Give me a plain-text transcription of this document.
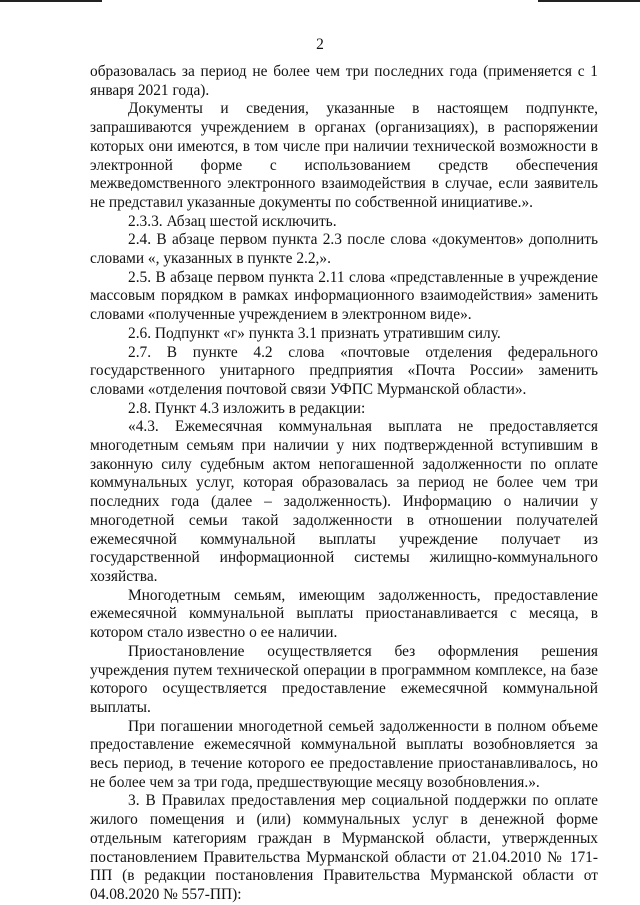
2

образовалась за период не более чем три последних года (применяется с 1 января 2021 года).

Документы и сведения, указанные в настоящем подпункте, запрашиваются учреждением в органах (организациях), в распоряжении которых они имеются, в том числе при наличии технической возможности в электронной форме с использованием средств обеспечения межведомственного электронного взаимодействия в случае, если заявитель не представил указанные документы по собственной инициативе.».

2.3.3. Абзац шестой исключить.

2.4. В абзаце первом пункта 2.3 после слова «документов» дополнить словами «, указанных в пункте 2.2,».

2.5. В абзаце первом пункта 2.11 слова «представленные в учреждение массовым порядком в рамках информационного взаимодействия» заменить словами «полученные учреждением в электронном виде».

2.6. Подпункт «г» пункта 3.1 признать утратившим силу.

2.7. В пункте 4.2 слова «почтовые отделения федерального государственного унитарного предприятия «Почта России» заменить словами «отделения почтовой связи УФПС Мурманской области».

2.8. Пункт 4.3 изложить в редакции:

«4.3. Ежемесячная коммунальная выплата не предоставляется многодетным семьям при наличии у них подтвержденной вступившим в законную силу судебным актом непогашенной задолженности по оплате коммунальных услуг, которая образовалась за период не более чем три последних года (далее – задолженность). Информацию о наличии у многодетной семьи такой задолженности в отношении получателей ежемесячной коммунальной выплаты учреждение получает из государственной информационной системы жилищно-коммунального хозяйства.

Многодетным семьям, имеющим задолженность, предоставление ежемесячной коммунальной выплаты приостанавливается с месяца, в котором стало известно о ее наличии.

Приостановление осуществляется без оформления решения учреждения путем технической операции в программном комплексе, на базе которого осуществляется предоставление ежемесячной коммунальной выплаты.

При погашении многодетной семьей задолженности в полном объеме предоставление ежемесячной коммунальной выплаты возобновляется за весь период, в течение которого ее предоставление приостанавливалось, но не более чем за три года, предшествующие месяцу возобновления.».

3. В Правилах предоставления мер социальной поддержки по оплате жилого помещения и (или) коммунальных услуг в денежной форме отдельным категориям граждан в Мурманской области, утвержденных постановлением Правительства Мурманской области от 21.04.2010 № 171-ПП (в редакции постановления Правительства Мурманской области от 04.08.2020 № 557-ПП):
